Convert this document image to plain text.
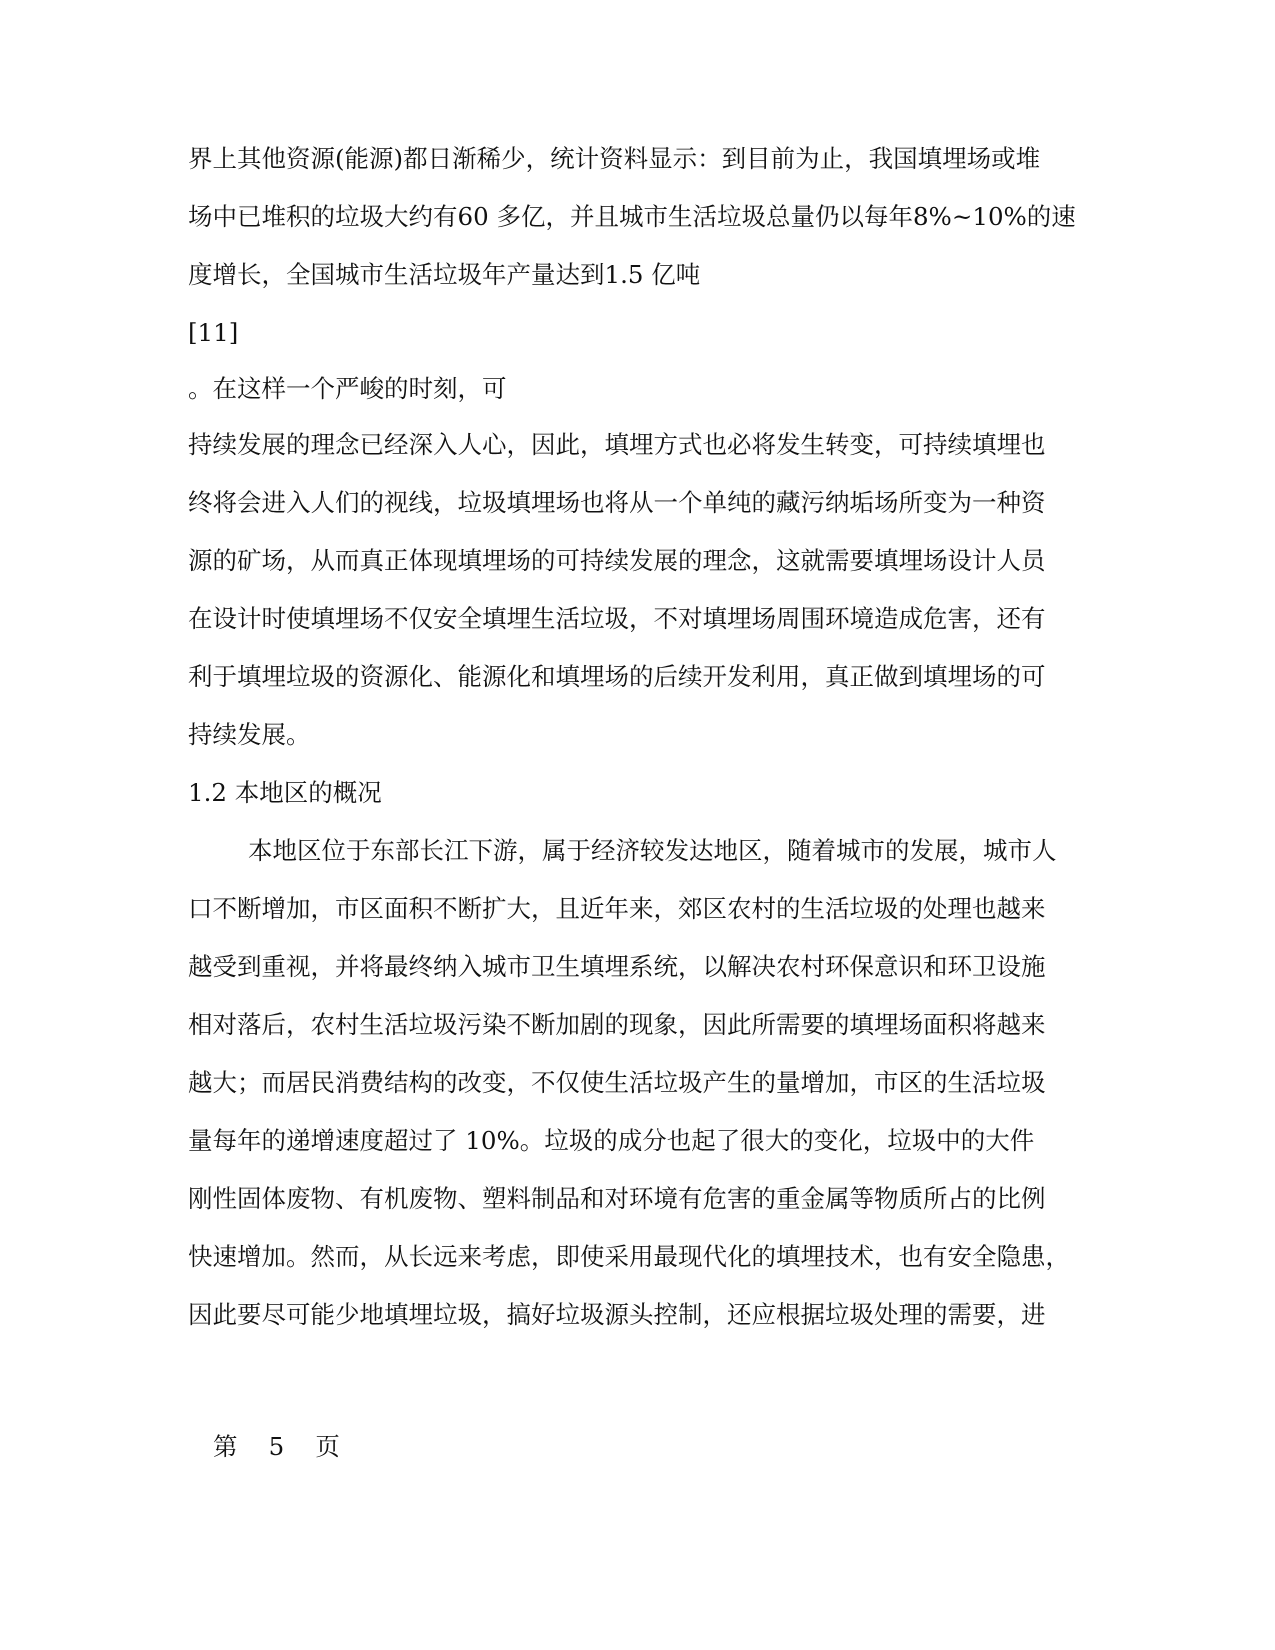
界上其他资源(能源)都日渐稀少，统计资料显示：到目前为止，我国填埋场或堆

场中已堆积的垃圾大约有60 多亿，并且城市生活垃圾总量仍以每年8%~10%的速

度增长，全国城市生活垃圾年产量达到1.5 亿吨

[11]

。在这样一个严峻的时刻，可

持续发展的理念已经深入人心，因此，填埋方式也必将发生转变，可持续填埋也

终将会进入人们的视线，垃圾填埋场也将从一个单纯的藏污纳垢场所变为一种资

源的矿场，从而真正体现填埋场的可持续发展的理念，这就需要填埋场设计人员

在设计时使填埋场不仅安全填埋生活垃圾，不对填埋场周围环境造成危害，还有

利于填埋垃圾的资源化、能源化和填埋场的后续开发利用，真正做到填埋场的可

持续发展。

1.2 本地区的概况

本地区位于东部长江下游，属于经济较发达地区，随着城市的发展，城市人

口不断增加，市区面积不断扩大，且近年来，郊区农村的生活垃圾的处理也越来

越受到重视，并将最终纳入城市卫生填埋系统，以解决农村环保意识和环卫设施

相对落后，农村生活垃圾污染不断加剧的现象，因此所需要的填埋场面积将越来

越大；而居民消费结构的改变，不仅使生活垃圾产生的量增加，市区的生活垃圾

量每年的递增速度超过了 10%。垃圾的成分也起了很大的变化，垃圾中的大件

刚性固体废物、有机废物、塑料制品和对环境有危害的重金属等物质所占的比例

快速增加。然而，从长远来考虑，即使采用最现代化的填埋技术，也有安全隐患，

因此要尽可能少地填埋垃圾，搞好垃圾源头控制，还应根据垃圾处理的需要，进

第    5    页
